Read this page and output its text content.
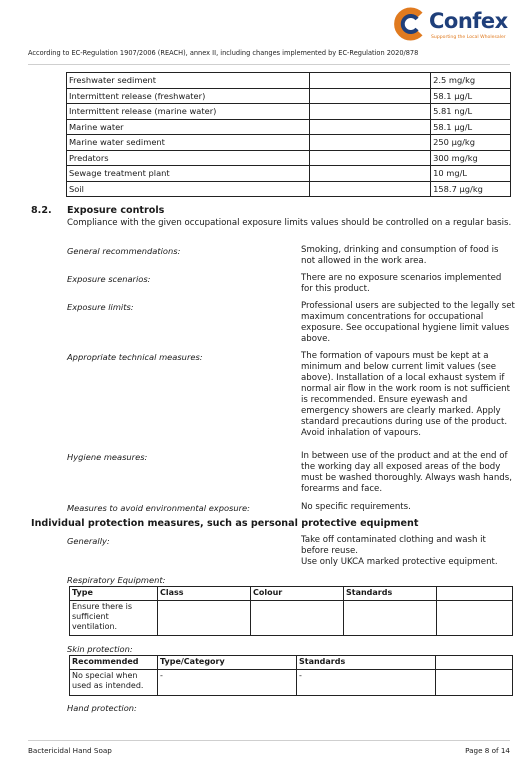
Confex
Supporting the Local Wholesaler
According to EC-Regulation 1907/2006 (REACH), annex II, including changes implemented by EC-Regulation 2020/878
Freshwater sediment		2.5 mg/kg
Intermittent release (freshwater)		58.1 µg/L
Intermittent release (marine water)		5.81 ng/L
Marine water		58.1 µg/L
Marine water sediment		250 µg/kg
Predators		300 mg/kg
Sewage treatment plant		10 mg/L
Soil		158.7 µg/kg
8.2. Exposure controls
Compliance with the given occupational exposure limits values should be controlled on a regular basis.
General recommendations:	Smoking, drinking and consumption of food is not allowed in the work area.
Exposure scenarios:	There are no exposure scenarios implemented for this product.
Exposure limits:	Professional users are subjected to the legally set maximum concentrations for occupational exposure. See occupational hygiene limit values above.
Appropriate technical measures:	The formation of vapours must be kept at a minimum and below current limit values (see above). Installation of a local exhaust system if normal air flow in the work room is not sufficient is recommended. Ensure eyewash and emergency showers are clearly marked. Apply standard precautions during use of the product. Avoid inhalation of vapours.
Hygiene measures:	In between use of the product and at the end of the working day all exposed areas of the body must be washed thoroughly. Always wash hands, forearms and face.
Measures to avoid environmental exposure:	No specific requirements.
Individual protection measures, such as personal protective equipment
Generally:	Take off contaminated clothing and wash it before reuse.
Use only UKCA marked protective equipment.
Respiratory Equipment:
Type	Class	Colour	Standards	
Ensure there is sufficient ventilation.				
Skin protection:
Recommended	Type/Category	Standards	
No special when used as intended.	-	-	
Hand protection:
Bactericidal Hand Soap	Page 8 of 14
